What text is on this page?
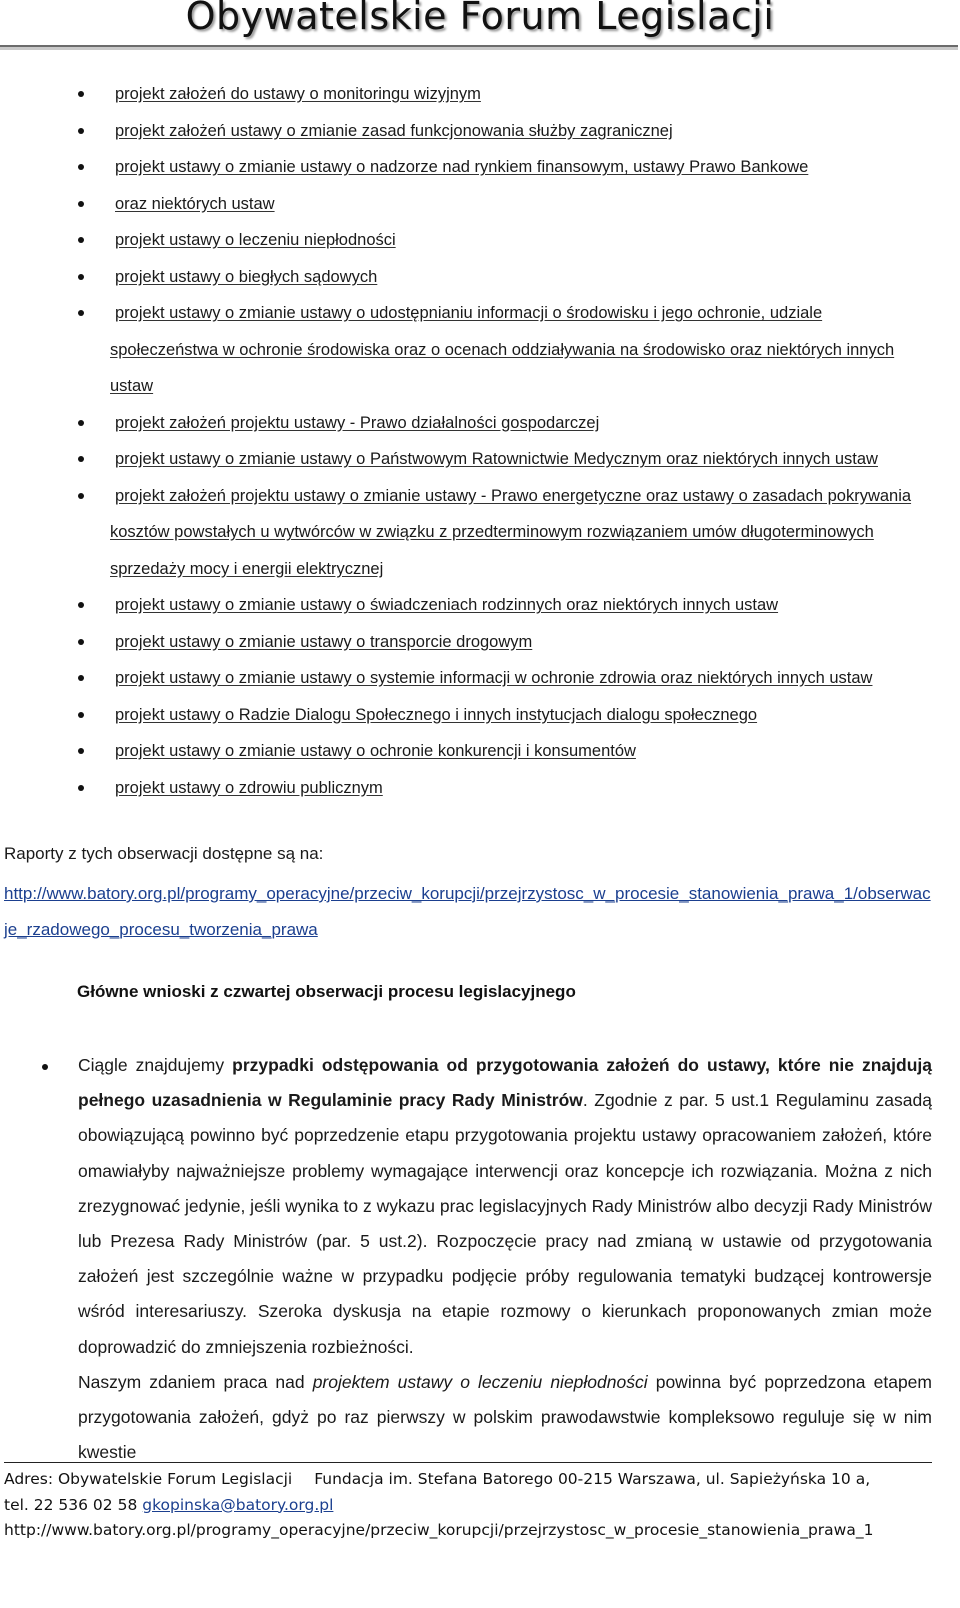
Obywatelskie Forum Legislacji
projekt założeń do ustawy o monitoringu wizyjnym
projekt założeń ustawy o zmianie zasad funkcjonowania służby zagranicznej
projekt ustawy o zmianie ustawy o nadzorze nad rynkiem finansowym, ustawy Prawo Bankowe
oraz niektórych ustaw
projekt ustawy o leczeniu niepłodności
projekt ustawy o biegłych sądowych
projekt ustawy o zmianie ustawy o udostępnianiu informacji o środowisku i jego ochronie, udziale
społeczeństwa w ochronie środowiska oraz o ocenach oddziaływania na środowisko oraz niektórych innych
ustaw
projekt założeń projektu ustawy - Prawo działalności gospodarczej
projekt ustawy o zmianie ustawy o Państwowym Ratownictwie Medycznym oraz niektórych innych ustaw
projekt założeń projektu ustawy o zmianie ustawy - Prawo energetyczne oraz ustawy o zasadach pokrywania
kosztów powstałych u wytwórców w związku z przedterminowym rozwiązaniem umów długoterminowych
sprzedaży mocy i energii elektrycznej
projekt ustawy o zmianie ustawy o świadczeniach rodzinnych oraz niektórych innych ustaw
projekt ustawy o zmianie ustawy o transporcie drogowym
projekt ustawy o zmianie ustawy o systemie informacji w ochronie zdrowia oraz niektórych innych ustaw
projekt ustawy o Radzie Dialogu Społecznego i innych instytucjach dialogu społecznego
projekt ustawy o zmianie ustawy o ochronie konkurencji i konsumentów
projekt ustawy o zdrowiu publicznym
Raporty z tych obserwacji dostępne są na:
http://www.batory.org.pl/programy_operacyjne/przeciw_korupcji/przejrzystosc_w_procesie_stanowienia_prawa_1/obserwacje_rzadowego_procesu_tworzenia_prawa
Główne wnioski z czwartej obserwacji procesu legislacyjnego

Ciągle znajdujemy przypadki odstępowania od przygotowania założeń do ustawy, które nie znajdują pełnego uzasadnienia w Regulaminie pracy Rady Ministrów. Zgodnie z par. 5 ust.1 Regulaminu zasadą obowiązującą powinno być poprzedzenie etapu przygotowania projektu ustawy opracowaniem założeń, które omawiałyby najważniejsze problemy wymagające interwencji oraz koncepcje ich rozwiązania. Można z nich zrezygnować jedynie, jeśli wynika to z wykazu prac legislacyjnych Rady Ministrów albo decyzji Rady Ministrów lub Prezesa Rady Ministrów (par. 5 ust.2). Rozpoczęcie pracy nad zmianą w ustawie od przygotowania założeń jest szczególnie ważne w przypadku podjęcie próby regulowania tematyki budzącej kontrowersje wśród interesariuszy. Szeroka dyskusja na etapie rozmowy o kierunkach proponowanych zmian może doprowadzić do zmniejszenia rozbieżności.

Naszym zdaniem praca nad projektem ustawy o leczeniu niepłodności powinna być poprzedzona etapem przygotowania założeń, gdyż po raz pierwszy w polskim prawodawstwie kompleksowo reguluje się w nim kwestie

Adres: Obywatelskie Forum Legislacji Fundacja im. Stefana Batorego 00-215 Warszawa, ul. Sapieżyńska 10 a,
tel. 22 536 02 58 gkopinska@batory.org.pl
http://www.batory.org.pl/programy_operacyjne/przeciw_korupcji/przejrzystosc_w_procesie_stanowienia_prawa_1
